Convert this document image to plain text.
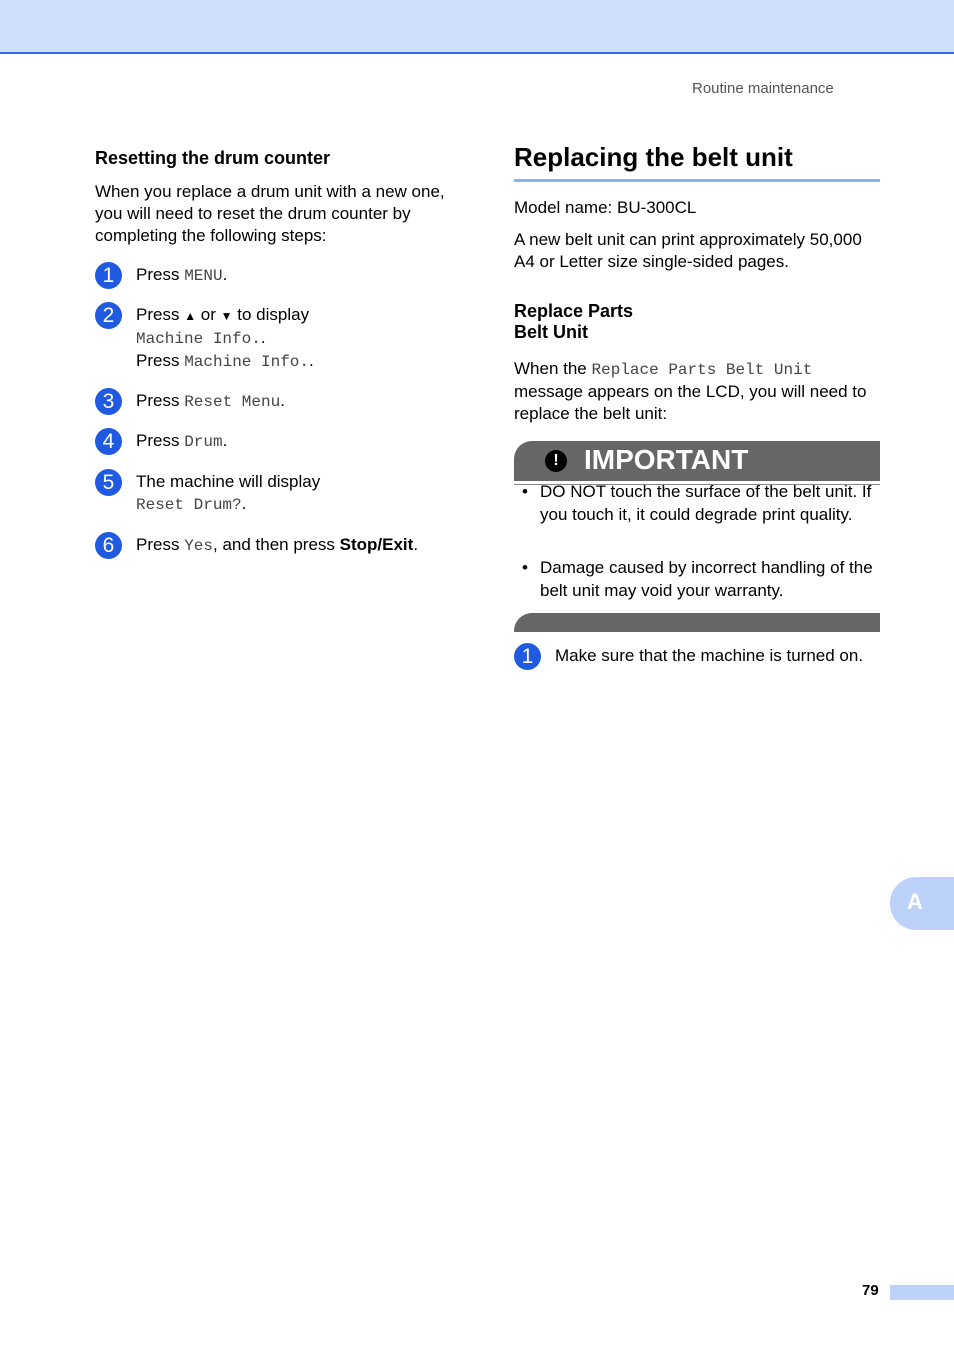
Routine maintenance
Resetting the drum counter

When you replace a drum unit with a new one, you will need to reset the drum counter by completing the following steps:

1	Press MENU.
2	Press ▲ or ▼ to display
Machine Info..
Press Machine Info..
3	Press Reset Menu.
4	Press Drum.
5	The machine will display
Reset Drum?.
6	Press Yes, and then press Stop/Exit.
Replacing the belt unit

Model name: BU-300CL

A new belt unit can print approximately 50,000 A4 or Letter size single-sided pages.

Replace Parts
Belt Unit

When the Replace Parts Belt Unit
message appears on the LCD, you will need to replace the belt unit:

! IMPORTANT
• DO NOT touch the surface of the belt unit. If you touch it, it could degrade print quality.
• Damage caused by incorrect handling of the belt unit may void your warranty.
1	Make sure that the machine is turned on.
A
79
